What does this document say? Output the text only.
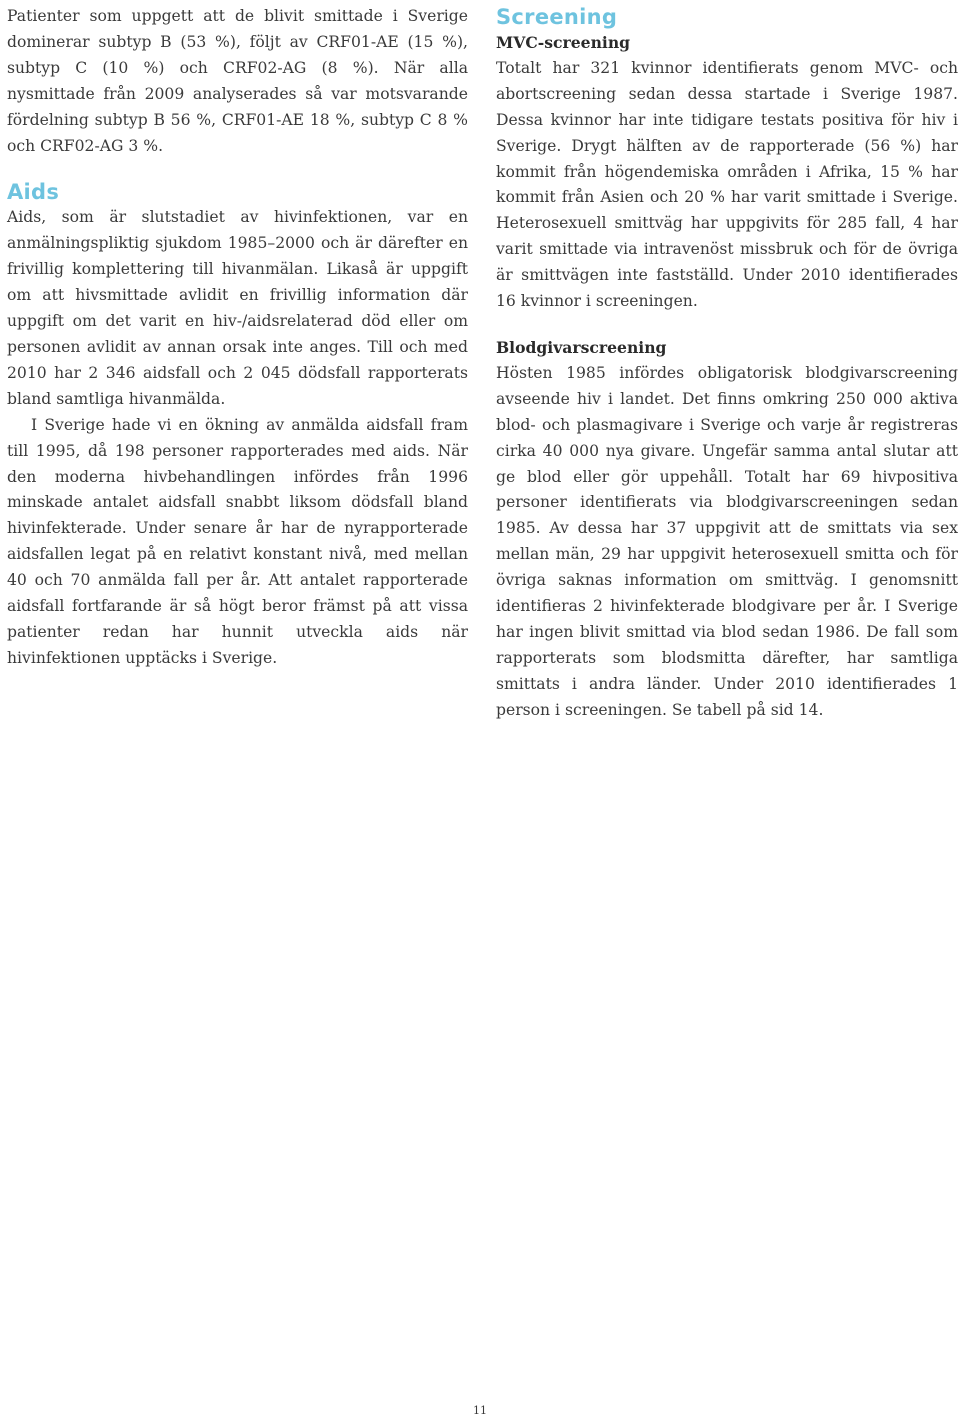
Patienter som uppgett att de blivit smittade i Sverige dominerar subtyp B (53 %), följt av CRF01-AE (15 %), subtyp C (10 %) och CRF02-AG (8 %). När alla nysmittade från 2009 analyserades så var motsvarande fördelning subtyp B 56 %, CRF01-AE 18 %, subtyp C 8 % och CRF02-AG 3 %.

Aids

Aids, som är slutstadiet av hivinfektionen, var en anmälningspliktig sjukdom 1985–2000 och är därefter en frivillig komplettering till hivanmälan. Likaså är uppgift om att hivsmittade avlidit en frivillig information där uppgift om det varit en hiv-/aidsrelaterad död eller om personen avlidit av annan orsak inte anges. Till och med 2010 har 2 346 aidsfall och 2 045 dödsfall rapporterats bland samtliga hivanmälda.

I Sverige hade vi en ökning av anmälda aidsfall fram till 1995, då 198 personer rapporterades med aids. När den moderna hivbehandlingen infördes från 1996 minskade antalet aidsfall snabbt liksom dödsfall bland hivinfekterade. Under senare år har de nyrapporterade aidsfallen legat på en relativt konstant nivå, med mellan 40 och 70 anmälda fall per år. Att antalet rapporterade aidsfall fortfarande är så högt beror främst på att vissa patienter redan har hunnit utveckla aids när hivinfektionen upptäcks i Sverige.

Screening
MVC-screening

Totalt har 321 kvinnor identifierats genom MVC- och abortscreening sedan dessa startade i Sverige 1987. Dessa kvinnor har inte tidigare testats positiva för hiv i Sverige. Drygt hälften av de rapporterade (56 %) har kommit från högendemiska områden i Afrika, 15 % har kommit från Asien och 20 % har varit smittade i Sverige. Heterosexuell smittväg har uppgivits för 285 fall, 4 har varit smittade via intravenöst missbruk och för de övriga är smittvägen inte fastställd. Under 2010 identifierades 16 kvinnor i screeningen.

Blodgivarscreening

Hösten 1985 infördes obligatorisk blodgivarscreening avseende hiv i landet. Det finns omkring 250 000 aktiva blod- och plasmagivare i Sverige och varje år registreras cirka 40 000 nya givare. Ungefär samma antal slutar att ge blod eller gör uppehåll. Totalt har 69 hivpositiva personer identifierats via blodgivarscreeningen sedan 1985. Av dessa har 37 uppgivit att de smittats via sex mellan män, 29 har uppgivit heterosexuell smitta och för övriga saknas information om smittväg. I genomsnitt identifieras 2 hivinfekterade blodgivare per år. I Sverige har ingen blivit smittad via blod sedan 1986. De fall som rapporterats som blodsmitta därefter, har samtliga smittats i andra länder. Under 2010 identifierades 1 person i screeningen. Se tabell på sid 14.

11
